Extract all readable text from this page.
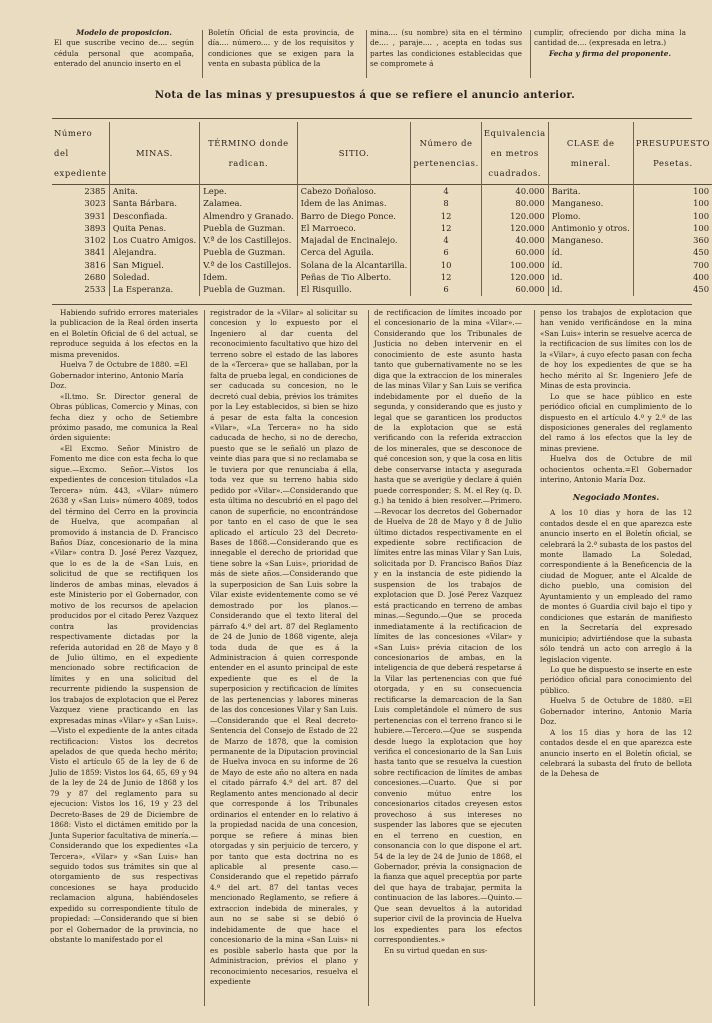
Modelo de proposicion.
El que suscribe vecino de.... según cédula personal que acompaña, enterado del anuncio inserto en el
Boletín Oficial de esta provincia, de día.... número.... y de los requisitos y condiciones que se exigen para la venta en subasta pública de la
mina.... (su nombre) sita en el término de.... , paraje.... , acepta en todas sus partes las condiciones establecidas que se compromete á
cumplir, ofreciendo por dicha mina la cantidad de.... (expresada en letra.)
Fecha y firma del proponente.
Nota de las minas y presupuestos á que se refiere el anuncio anterior.
Número del expediente	MINAS.	TÉRMINO donde radican.	SITIO.	Número de pertenencias.	Equivalencia en metros cuadrados.	CLASE de mineral.	PRESUPUESTO Pesetas.
2385	Anita.	Lepe.	Cabezo Doñaloso.	4	40.000	Barita.	100
3023	Santa Bárbara.	Zalamea.	Idem de las Animas.	8	80.000	Manganeso.	100
3931	Desconfiada.	Almendro y Granado.	Barro de Diego Ponce.	12	120.000	Plomo.	100
3893	Quita Penas.	Puebla de Guzman.	El Marroeco.	12	120.000	Antimonio y otros.	100
3102	Los Cuatro Amigos.	V.ª de los Castillejos.	Majadal de Encinalejo.	4	40.000	Manganeso.	360
3841	Alejandra.	Puebla de Guzman.	Cerca del Aguila.	6	60.000	íd.	450
3816	San Miguel.	V.ª de los Castillejos.	Solana de la Alcantarilla.	10	100.000	íd.	700
2680	Soledad.	Idem.	Peñas de Tio Alberto.	12	120.000	id.	400
2533	La Esperanza.	Puebla de Guzman.	El Risquillo.	6	60.000	id.	450

Habiendo sufrido errores materiales la publicacion de la Real órden inserta en el Boletín Oficial de 6 del actual, se reproduce seguida á los efectos en la misma prevenidos.

Huelva 7 de Octubre de 1880. =El Gobernador interino, Antonio María Doz.

«Il.tmo. Sr. Director general de Obras públicas, Comercio y Minas, con fecha diez y ocho de Setiembre próximo pasado, me comunica la Real órden siguiente:

«El Excmo. Señor Ministro de Fomento me dice con esta fecha lo que sigue.—Excmo. Señor.—Vistos los expedientes de concesion titulados «La Tercera» núm. 443, «Vilar» número 2638 y «San Luis» número 4089, todos del término del Cerro en la provincia de Huelva, que acompañan al promovido á instancia de D. Francisco Baños Díaz, concesionario de la mina «Vilar» contra D. José Perez Vazquez, que lo es de la de «San Luis, en solicitud de que se rectifiquen los linderos de ambas minas, elevados á este Ministerio por el Gobernador, con motivo de los recursos de apelacion producidos por el citado Perez Vazquez contra las providencias respectivamente dictadas por la referida autoridad en 28 de Mayo y 8 de Julio último, en el expediente mencionado sobre rectificacion de límites y en una solicitud del recurrente pidiendo la suspension de los trabajos de explotacion que el Perez Vazquez viene practicando en las expresadas minas «Vilar» y «San Luis».—Visto el expediente de la antes citada rectificacion: Vistos los decretos apelados de que queda hecho mérito; Visto el artículo 65 de la ley de 6 de Julio de 1859: Vistos los 64, 65, 69 y 94 de la ley de 24 de Junio de 1868 y los 79 y 87 del reglamento para su ejecucion: Vistos los 16, 19 y 23 del Decreto-Bases de 29 de Diciembre de 1868: Visto el dictámen emitido por la Junta Superior facultativa de minería.—Considerando que los expedientes «La Tercera», «Vilar» y «San Luis» han seguido todos sus trámites sin que al otorgamiento de sus respectivas concesiones se haya producido reclamacion alguna, habiéndoseles expedido su correspondiente título de propiedad: —Considerando que si bien por el Gobernador de la provincia, no obstante lo manifestado por el

registrador de la «Vilar» al solicitar su concesion y lo expuesto por el Ingeniero al dar cuenta del reconocimiento facultativo que hizo del terreno sobre el estado de las labores de la «Tercera» que se hallaban, por la falta de prueba legal, en condiciones de ser caducada su concesion, no le decretó cual debia, prévios los trámites por la Ley establecidos, si bien se hizo á pesar de esta falta la concesion «Vilar», «La Tercera» no ha sido caducada de hecho, si no de derecho, puesto que se le señaló un plazo de veinte dias para que si no reclamaba se le tuviera por que renunciaba á ella, toda vez que su terreno habia sido pedido por «Vilar».—Considerando que esta última no descubrió en el pago del canon de superficie, no encontrándose por tanto en el caso de que le sea aplicado el artículo 23 del Decreto-Bases de 1868.—Considerando que es innegable el derecho de prioridad que tiene sobre la «San Luis», prioridad de más de siete años.—Considerando que la superposicion de San Luis sobre la Vilar existe evidentemente como se vé demostrado por los planos.—Considerando que el texto literal del párrafo 4.º del art. 87 del Reglamento de 24 de Junio de 1868 vigente, aleja toda duda de que es á la Administracion á quien corresponde entender en el asunto principal de este expediente que es el de la superposicion y rectificacion de límites de las pertenencias y labores mineras de las dos concesiones Vilar y San Luis.—Considerando que el Real decreto-Sentencia del Consejo de Estado de 22 de Marzo de 1878, que la comision permanente de la Diputacion provincial de Huelva invoca en su informe de 26 de Mayo de este año no altera en nada el citado párrafo 4.º del art. 87 del Reglamento antes mencionado al decir que corresponde á los Tribunales ordinarios el entender en lo relativo á la propiedad nacida de una concesion, porque se refiere á minas bien otorgadas y sin perjuicio de tercero, y por tanto que esta doctrina no es aplicable al presente caso.—Considerando que el repetido párrafo 4.º del art. 87 del tantas veces mencionado Reglamento, se refiere á extraccion indebida de minerales, y aun no se sabe si se debió ó indebidamente de que hace el concesionario de la mina «San Luis» ni es posible saberlo hasta que por la Administracion, prévios el plano y reconocimiento necesarios, resuelva el expediente

de rectificacion de límites incoado por el concesionario de la mina «Vilar».—Considerando que los Tribunales de Justicia no deben intervenir en el conocimiento de este asunto hasta tanto que gubernativamente no se les diga que la extraccion de los minerales de las minas Vilar y San Luis se verifica indebidamente por el dueño de la segunda, y considerando que es justo y legal que se garanticen los productos de la explotacion que se está verificando con la referida extraccion de los minerales, que se desconoce de qué concesion son, y que la cosa en litis debe conservarse intacta y asegurada hasta que se averigüe y declare á quién puede corresponder; S. M. el Rey (q. D. g.) ha tenido á bien resolver.—Primero.—Revocar los decretos del Gobernador de Huelva de 28 de Mayo y 8 de Julio último dictados respectivamente en el expediente sobre rectificacion de límites entre las minas Vilar y San Luis, solicitada por D. Francisco Baños Díaz y en la instancia de este pidiendo la suspension de los trabajos de explotacion que D. José Perez Vazquez está practicando en terreno de ambas minas.—Segundo.—Que se proceda inmediatamente á la rectificacion de límites de las concesiones «Vilar» y «San Luis» prévia citacion de los concesionarios de ambas, en la inteligencia de que deberá respetarse á la Vilar las pertenencias con que fué otorgada, y en su consecuencia rectificarse la demarcacion de la San Luis completándole el número de sus pertenencias con el terreno franco si le hubiere.—Tercero.—Que se suspenda desde luego la explotacion que hoy verifica el concesionario de la San Luis hasta tanto que se resuelva la cuestion sobre rectificacion de límites de ambas concesiones.—Cuarto. Que si por convenio mútuo entre los concesionarios citados creyesen estos provechoso á sus intereses no suspender las labores que se ejecuten en el terreno en cuestion, en consonancia con lo que dispone el art. 54 de la ley de 24 de Junio de 1868, el Gobernador, prévia la consignacion de la fianza que aquel preceptúa por parte del que haya de trabajar, permita la continuacion de las labores.—Quinto.—Que sean devueltos á la autoridad superior civil de la provincia de Huelva los expedientes para los efectos correspondientes.»

En su virtud quedan en sus-

penso los trabajos de explotacion que han venido verificándose en la mina «San Luis» interin se resuelve acerca de la rectificacion de sus límites con los de la «Vilar», á cuyo efecto pasan con fecha de hoy los expedientes de que se ha hecho mérito al Sr. Ingeniero Jefe de Minas de esta provincia.

Lo que se hace público en este periódico oficial en cumplimiento de lo dispuesto en el artículo 4.º y 2.º de las disposiciones generales del reglamento del ramo á los efectos que la ley de minas previene.

Huelva dos de Octubre de mil ochocientos ochenta.=El Gobernador interino, Antonio María Doz.

Negociado Montes.

A los 10 dias y hora de las 12 contados desde el en que aparezca este anuncio inserto en el Boletín oficial, se celebrará la 2.ª subasta de los pastos del monte llamado La Soledad, correspondiente á la Beneficencia de la ciudad de Moguer, ante el Alcalde de dicho pueblo, una comision del Ayuntamiento y un empleado del ramo de montes ó Guardia civil bajo el tipo y condiciones que estarán de manifiesto en la Secretaría del expresado municipio; advirtiéndose que la subasta sólo tendrá un acto con arreglo á la legislacion vigente.

Lo que he dispuesto se inserte en este periódico oficial para conocimiento del público.

Huelva 5 de Octubre de 1880. =El Gobernador interino, Antonio María Doz.

A los 15 dias y hora de las 12 contados desde el en que aparezca este anuncio inserto en el Boletín oficial, se celebrará la subasta del fruto de bellota de la Dehesa de
